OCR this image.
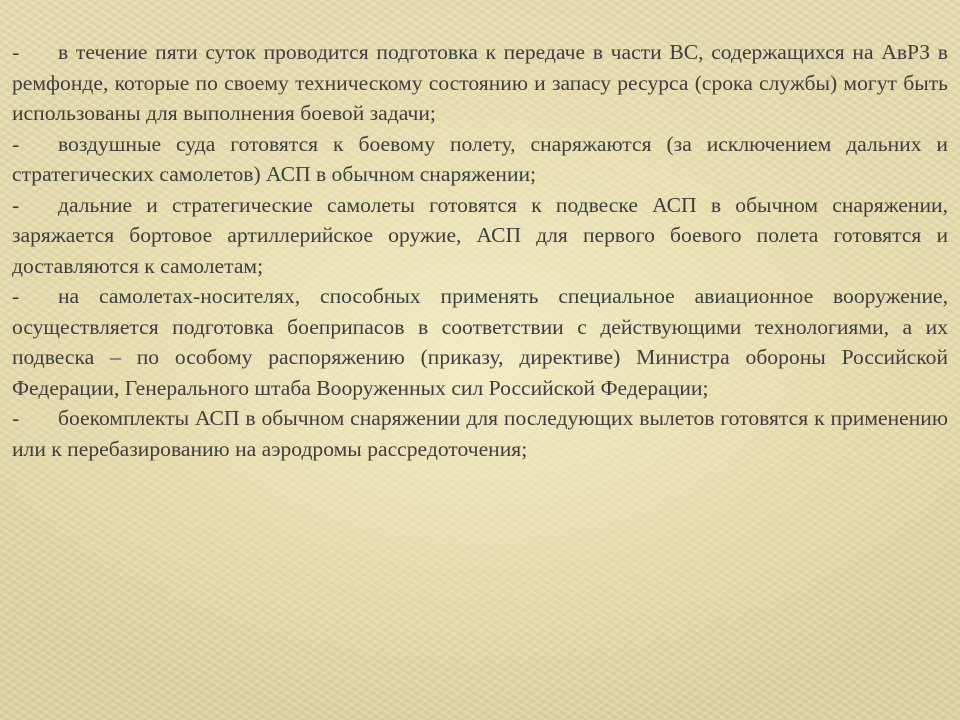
- в течение пяти суток проводится подготовка к передаче в части ВС, содержащихся на АвРЗ в ремфонде, которые по своему техническому состоянию и запасу ресурса (срока службы) могут быть использованы для выполнения боевой задачи;

- воздушные суда готовятся к боевому полету, снаряжаются (за исключением дальних и стратегических самолетов) АСП в обычном снаряжении;

- дальние и стратегические самолеты готовятся к подвеске АСП в обычном снаряжении, заряжается бортовое артиллерийское оружие, АСП для первого боевого полета готовятся и доставляются к самолетам;

- на самолетах-носителях, способных применять специальное авиационное вооружение, осуществляется подготовка боеприпасов в соответствии с действующими технологиями, а их подвеска – по особому распоряжению (приказу, директиве) Министра обороны Российской Федерации, Генерального штаба Вооруженных сил Российской Федерации;

- боекомплекты АСП в обычном снаряжении для последующих вылетов готовятся к применению или к перебазированию на аэродромы рассредоточения;
